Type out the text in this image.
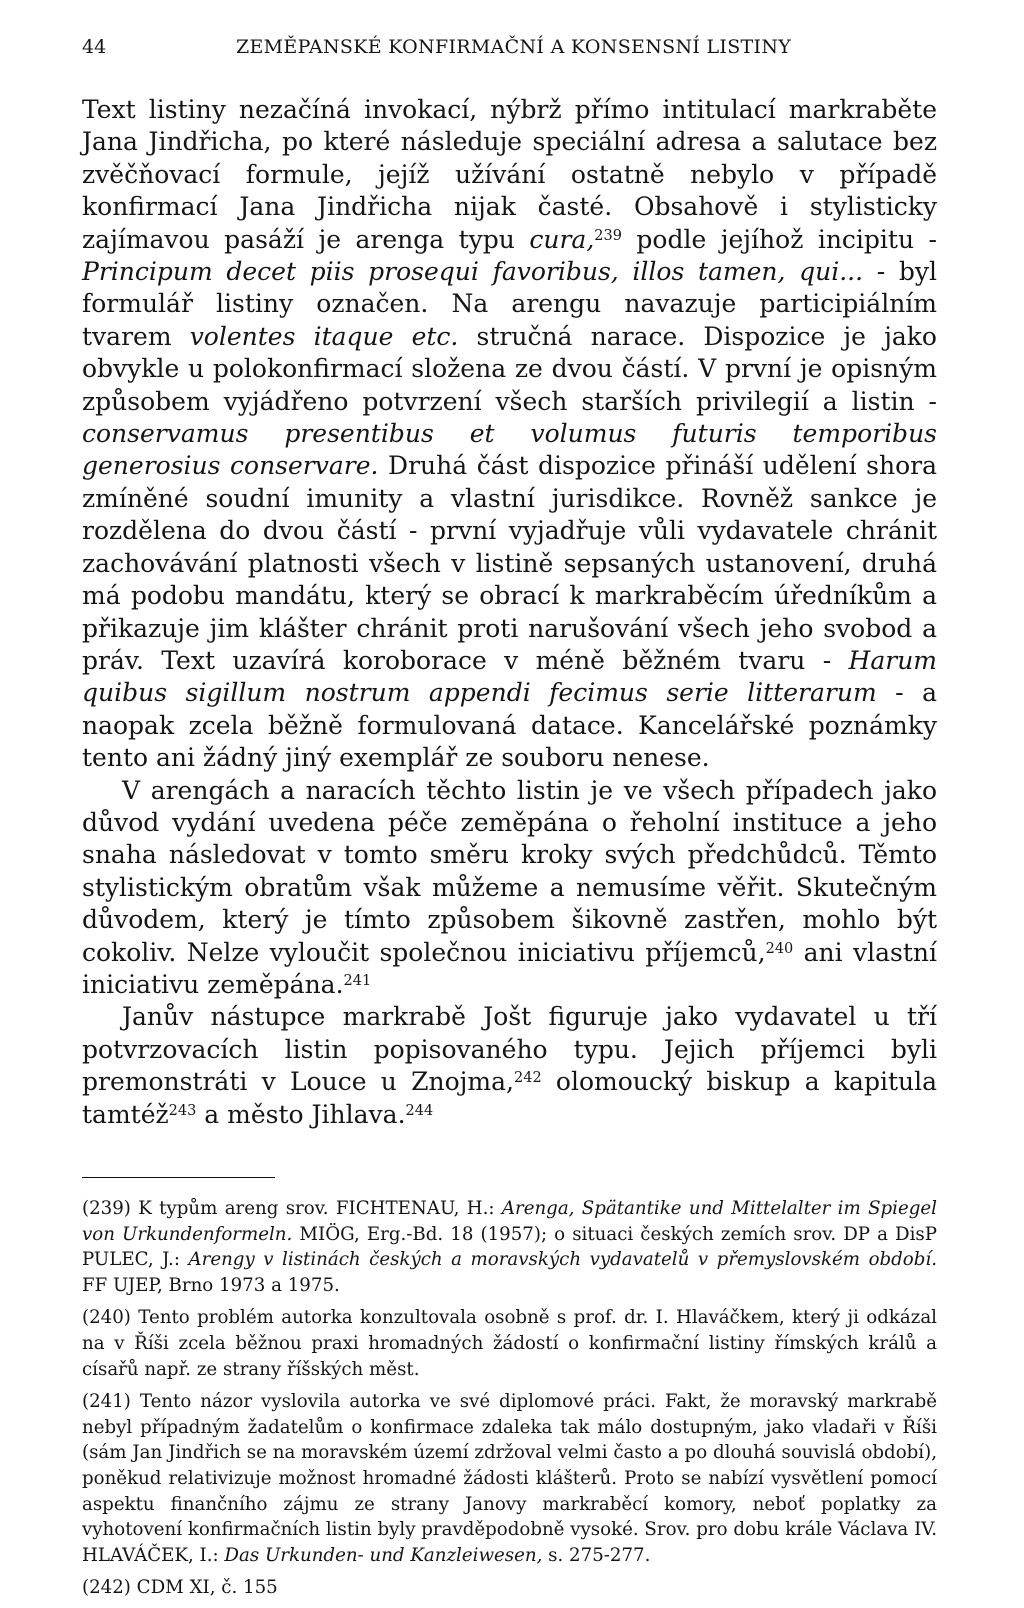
44	ZEMĚPANSKÉ KONFIRMAČNÍ A KONSENSNÍ LISTINY

Text listiny nezačíná invokací, nýbrž přímo intitulací markraběte Jana Jindřicha, po které následuje speciální adresa a salutace bez zvěčňovací formule, jejíž užívání ostatně nebylo v případě konfirmací Jana Jindřicha nijak časté. Obsahově i stylisticky zajímavou pasáží je arenga typu cura,$^{239}$ podle jejíhož incipitu - Principum decet piis prosequi favoribus, illos tamen, qui... - byl formulář listiny označen. Na arengu navazuje participiálním tvarem volentes itaque etc. stručná narace. Dispozice je jako obvykle u polokonfirmací složena ze dvou částí. V první je opisným způsobem vyjádřeno potvrzení všech starších privilegií a listin - conservamus presentibus et volumus futuris temporibus generosius conservare. Druhá část dispozice přináší udělení shora zmíněné soudní imunity a vlastní jurisdikce. Rovněž sankce je rozdělena do dvou částí - první vyjadřuje vůli vydavatele chránit zachovávání platnosti všech v listině sepsaných ustanovení, druhá má podobu mandátu, který se obrací k markraběcím úředníkům a přikazuje jim klášter chránit proti narušování všech jeho svobod a práv. Text uzavírá koroborace v méně běžném tvaru - Harum quibus sigillum nostrum appendi fecimus serie litterarum - a naopak zcela běžně formulovaná datace. Kancelářské poznámky tento ani žádný jiný exemplář ze souboru nenese.

V arengách a naracích těchto listin je ve všech případech jako důvod vydání uvedena péče zeměpána o řeholní instituce a jeho snaha následovat v tomto směru kroky svých předchůdců. Těmto stylistickým obratům však můžeme a nemusíme věřit. Skutečným důvodem, který je tímto způsobem šikovně zastřen, mohlo být cokoliv. Nelze vyloučit společnou iniciativu příjemců,$^{240}$ ani vlastní iniciativu zeměpána.$^{241}$

Janův nástupce markrabě Jošt figuruje jako vydavatel u tří potvrzovacích listin popisovaného typu. Jejich příjemci byli premonstráti v Louce u Znojma,$^{242}$ olomoucký biskup a kapitula tamtéž$^{243}$ a město Jihlava.$^{244}$

(239) K typům areng srov. FICHTENAU, H.: Arenga, Spätantike und Mittelalter im Spiegel von Urkundenformeln. MIÖG, Erg.-Bd. 18 (1957); o situaci českých zemích srov. DP a DisP PULEC, J.: Arengy v listinách českých a moravských vydavatelů v přemyslovském období. FF UJEP, Brno 1973 a 1975.

(240) Tento problém autorka konzultovala osobně s prof. dr. I. Hlaváčkem, který ji odkázal na v Říši zcela běžnou praxi hromadných žádostí o konfirmační listiny římských králů a císařů např. ze strany říšských měst.

(241) Tento názor vyslovila autorka ve své diplomové práci. Fakt, že moravský markrabě nebyl případným žadatelům o konfirmace zdaleka tak málo dostupným, jako vladaři v Říši (sám Jan Jindřich se na moravském území zdržoval velmi často a po dlouhá souvislá období), poněkud relativizuje možnost hromadné žádosti klášterů. Proto se nabízí vysvětlení pomocí aspektu finančního zájmu ze strany Janovy markraběcí komory, neboť poplatky za vyhotovení konfirmačních listin byly pravděpodobně vysoké. Srov. pro dobu krále Václava IV. HLAVÁČEK, I.: Das Urkunden- und Kanzleiwesen, s. 275-277.

(242) CDM XI, č. 155
